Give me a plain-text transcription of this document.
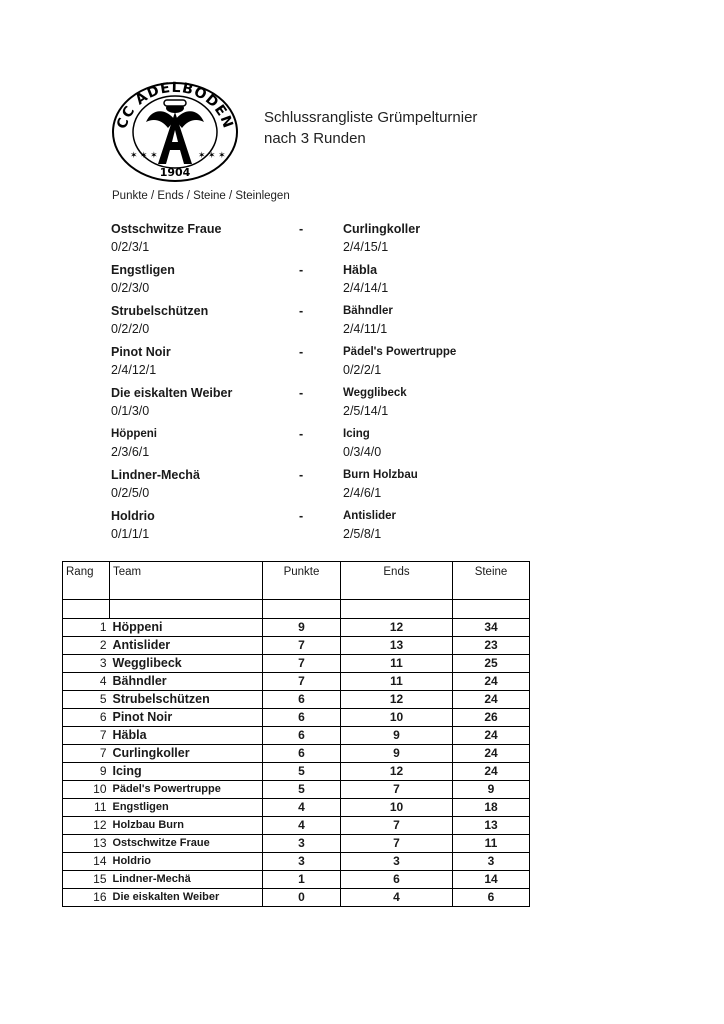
CC ADELBODEN
✶ ✶ ✶	✶ ✶ ✶
1904
Schlussrangliste Grümpelturnier
nach 3 Runden
Punkte / Ends / Steine / Steinlegen
Ostschwitze Fraue	-	Curlingkoller
0/2/3/1	2/4/15/1
Engstligen	-	Häbla
0/2/3/0	2/4/14/1
Strubelschützen	-	Bähndler
0/2/2/0	2/4/11/1
Pinot Noir	-	Pädel's Powertruppe
2/4/12/1	0/2/2/1
Die eiskalten Weiber	-	Wegglibeck
0/1/3/0	2/5/14/1
Höppeni	-	Icing
2/3/6/1	0/3/4/0
Lindner-Mechä	-	Burn Holzbau
0/2/5/0	2/4/6/1
Holdrio	-	Antislider
0/1/1/1	2/5/8/1
Rang	Team	Punkte	Ends	Steine

1	Höppeni	9	12	34
2	Antislider	7	13	23
3	Wegglibeck	7	11	25
4	Bähndler	7	11	24
5	Strubelschützen	6	12	24
6	Pinot Noir	6	10	26
7	Häbla	6	9	24
7	Curlingkoller	6	9	24
9	Icing	5	12	24
10	Pädel's Powertruppe	5	7	9
11	Engstligen	4	10	18
12	Holzbau Burn	4	7	13
13	Ostschwitze Fraue	3	7	11
14	Holdrio	3	3	3
15	Lindner-Mechä	1	6	14
16	Die eiskalten Weiber	0	4	6
